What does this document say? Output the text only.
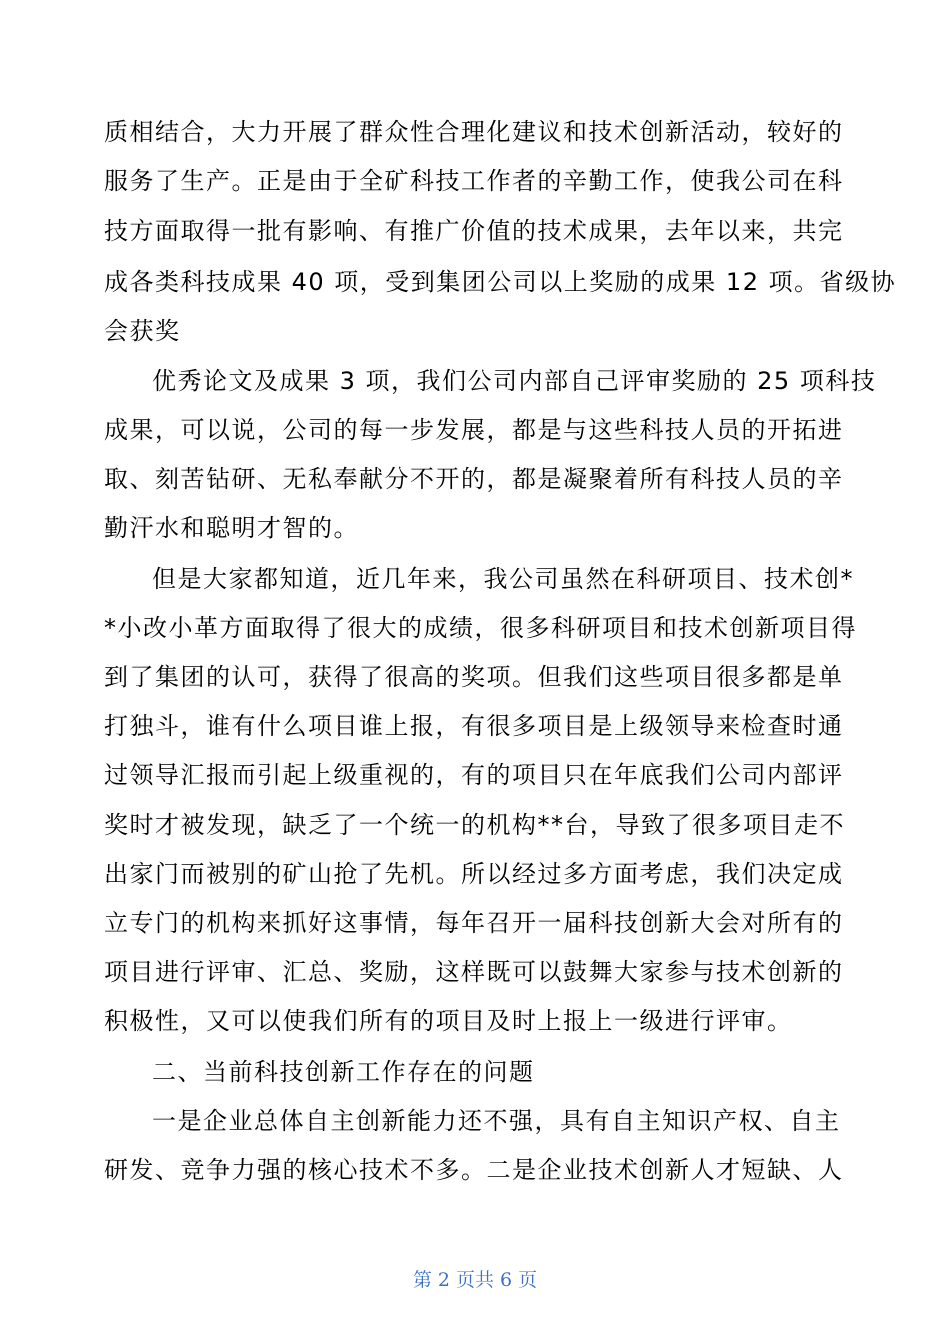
质相结合，大力开展了群众性合理化建议和技术创新活动，较好的
服务了生产。正是由于全矿科技工作者的辛勤工作，使我公司在科
技方面取得一批有影响、有推广价值的技术成果，去年以来，共完
成各类科技成果 40 项，受到集团公司以上奖励的成果 12 项。省级协
会获奖
优秀论文及成果 3 项，我们公司内部自己评审奖励的 25 项科技
成果，可以说，公司的每一步发展，都是与这些科技人员的开拓进
取、刻苦钻研、无私奉献分不开的，都是凝聚着所有科技人员的辛
勤汗水和聪明才智的。
但是大家都知道，近几年来，我公司虽然在科研项目、技术创*
*小改小革方面取得了很大的成绩，很多科研项目和技术创新项目得
到了集团的认可，获得了很高的奖项。但我们这些项目很多都是单
打独斗，谁有什么项目谁上报，有很多项目是上级领导来检查时通
过领导汇报而引起上级重视的，有的项目只在年底我们公司内部评
奖时才被发现，缺乏了一个统一的机构**台，导致了很多项目走不
出家门而被别的矿山抢了先机。所以经过多方面考虑，我们决定成
立专门的机构来抓好这事情，每年召开一届科技创新大会对所有的
项目进行评审、汇总、奖励，这样既可以鼓舞大家参与技术创新的
积极性，又可以使我们所有的项目及时上报上一级进行评审。
二、当前科技创新工作存在的问题
一是企业总体自主创新能力还不强，具有自主知识产权、自主
研发、竞争力强的核心技术不多。二是企业技术创新人才短缺、人
第 2 页共 6 页
